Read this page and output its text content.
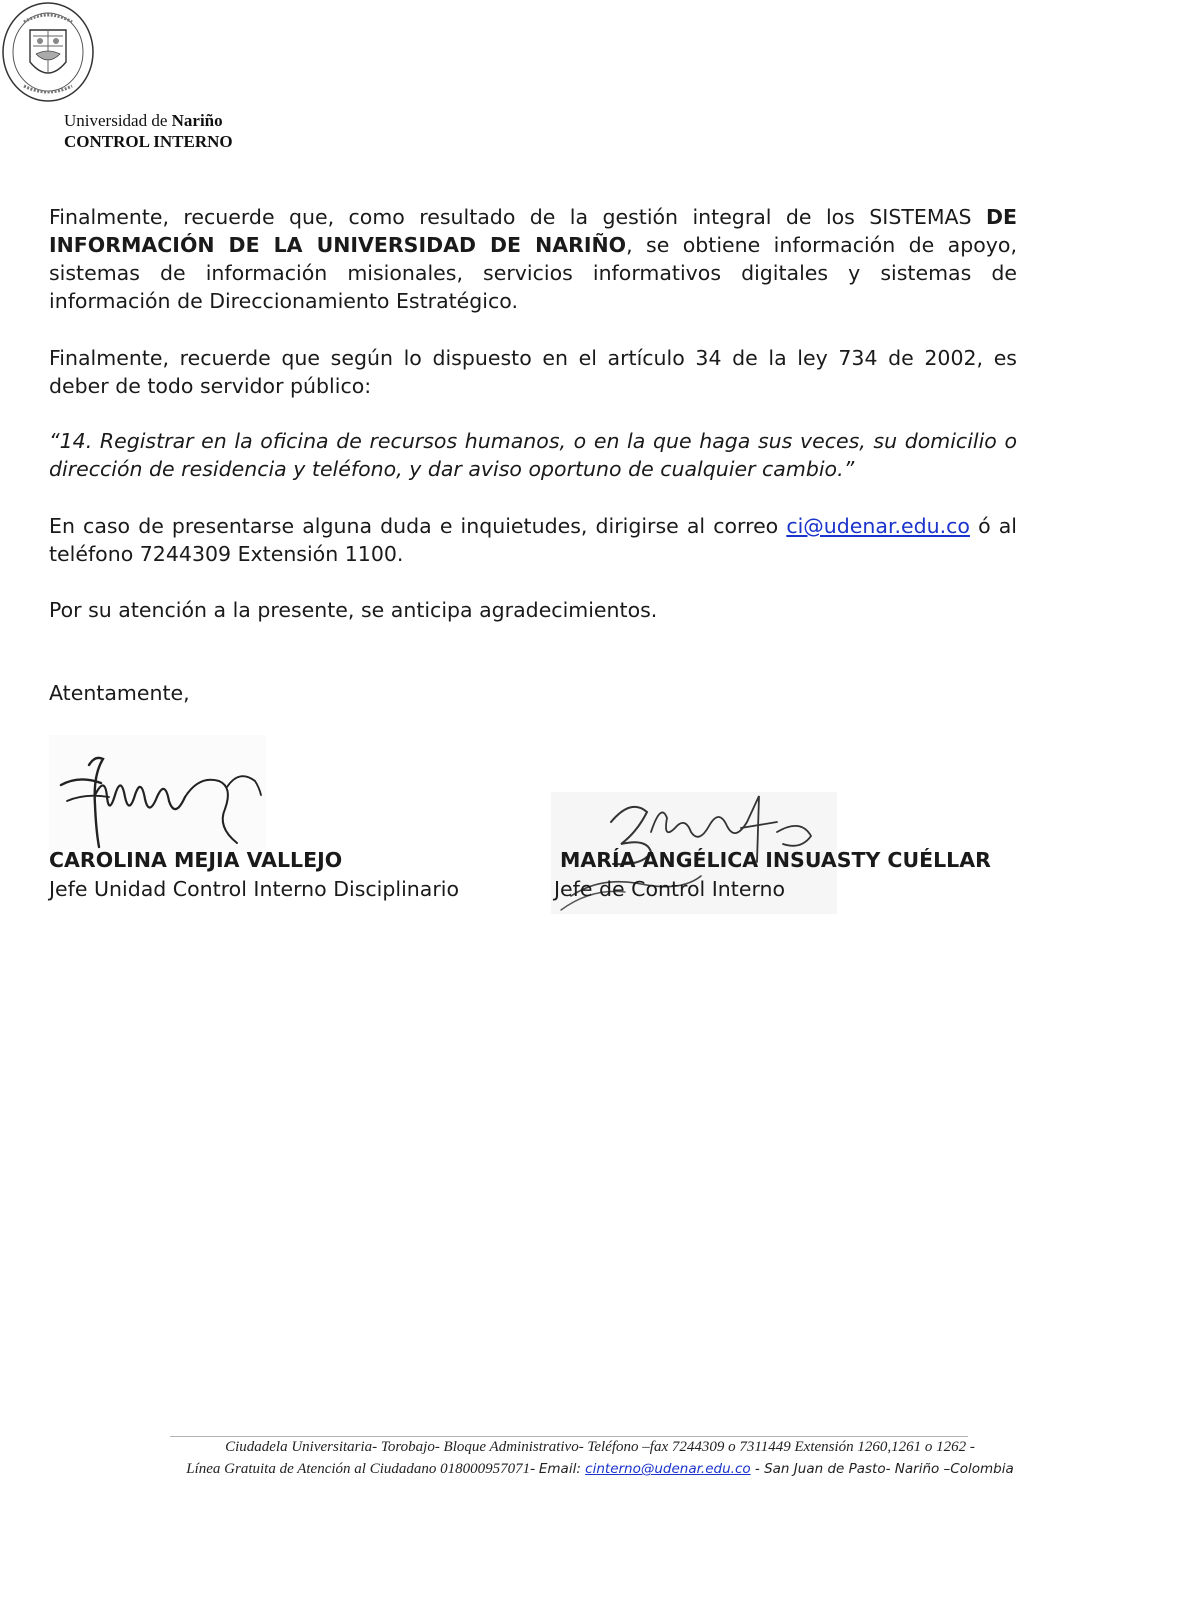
Universidad de Nariño
CONTROL INTERNO
Finalmente, recuerde que, como resultado de la gestión integral de los SISTEMAS DE INFORMACIÓN DE LA UNIVERSIDAD DE NARIÑO, se obtiene información de apoyo, sistemas de información misionales, servicios informativos digitales y sistemas de información de Direccionamiento Estratégico.
Finalmente, recuerde que según lo dispuesto en el artículo 34 de la ley 734 de 2002, es deber de todo servidor público:
“14. Registrar en la oficina de recursos humanos, o en la que haga sus veces, su domicilio o dirección de residencia y teléfono, y dar aviso oportuno de cualquier cambio.”
En caso de presentarse alguna duda e inquietudes, dirigirse al correo ci@udenar.edu.co ó al teléfono 7244309 Extensión 1100.
Por su atención a la presente, se anticipa agradecimientos.
Atentamente,
CAROLINA MEJIA VALLEJO
Jefe Unidad Control Interno Disciplinario
MARÍA ANGÉLICA INSUASTY CUÉLLAR
Jefe de Control Interno
Ciudadela Universitaria- Torobajo- Bloque Administrativo- Teléfono –fax 7244309 o 7311449 Extensión 1260,1261 o 1262 -
Línea Gratuita de Atención al Ciudadano 018000957071- Email: cinterno@udenar.edu.co - San Juan de Pasto- Nariño –Colombia
